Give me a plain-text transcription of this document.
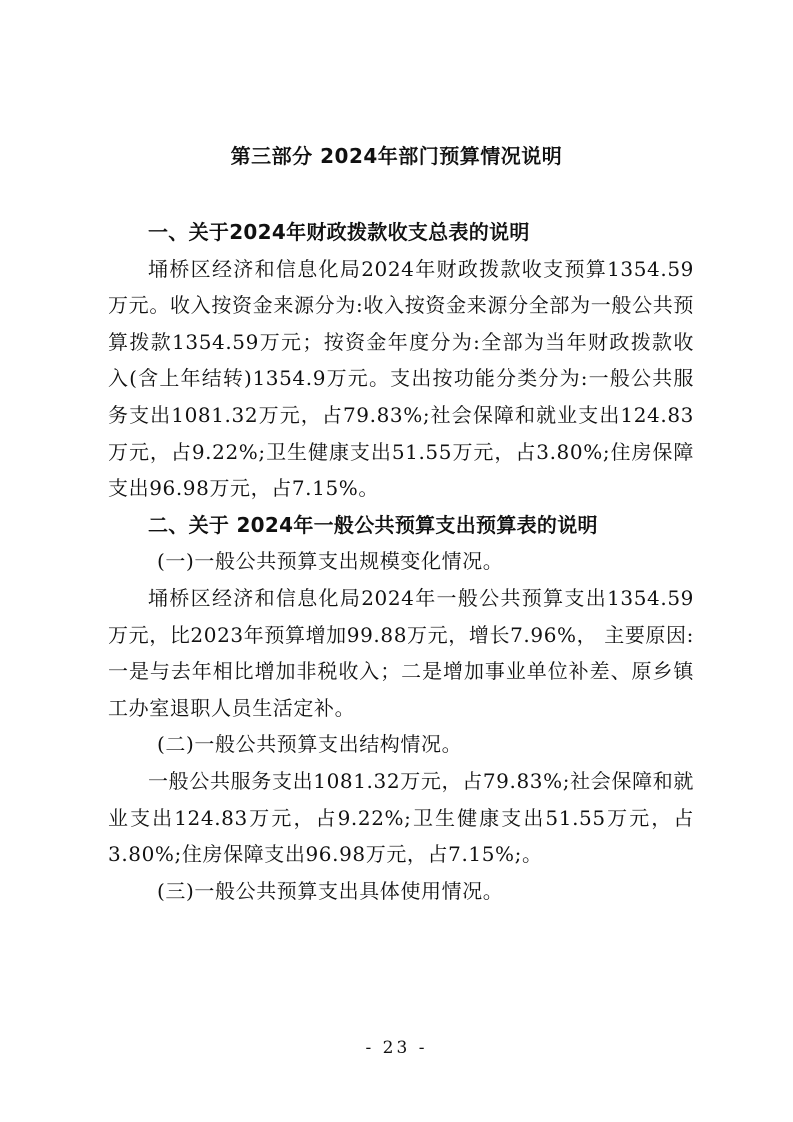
第三部分 2024年部门预算情况说明

一、关于2024年财政拨款收支总表的说明

埇桥区经济和信息化局2024年财政拨款收支预算1354.59万元。收入按资金来源分为:收入按资金来源分全部为一般公共预算拨款1354.59万元；按资金年度分为:全部为当年财政拨款收入(含上年结转)1354.9万元。支出按功能分类分为:一般公共服务支出1081.32万元，占79.83%;社会保障和就业支出124.83万元，占9.22%;卫生健康支出51.55万元，占3.80%;住房保障支出96.98万元，占7.15%。

二、关于 2024年一般公共预算支出预算表的说明

(一)一般公共预算支出规模变化情况。

埇桥区经济和信息化局2024年一般公共预算支出1354.59万元，比2023年预算增加99.88万元，增长7.96%， 主要原因:一是与去年相比增加非税收入；二是增加事业单位补差、原乡镇工办室退职人员生活定补。

(二)一般公共预算支出结构情况。

一般公共服务支出1081.32万元，占79.83%;社会保障和就业支出124.83万元，占9.22%;卫生健康支出51.55万元，占3.80%;住房保障支出96.98万元，占7.15%;。

(三)一般公共预算支出具体使用情况。

- 23 -
